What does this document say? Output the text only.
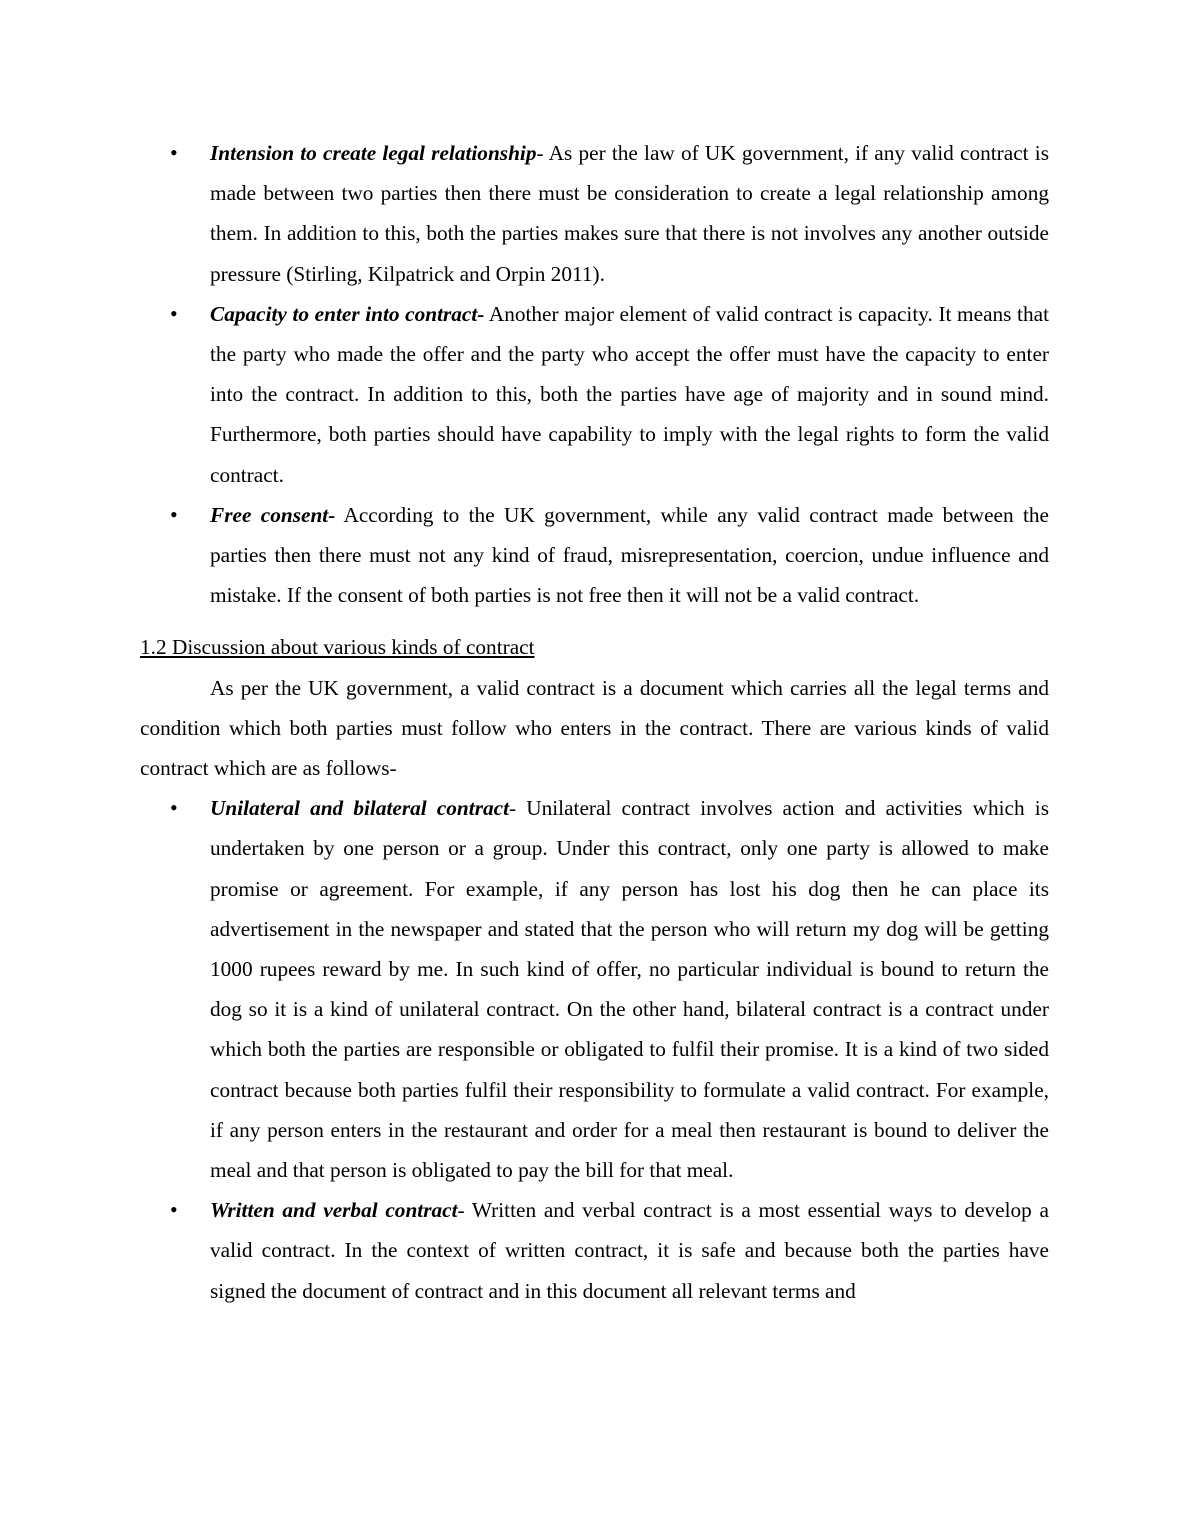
•	Intension to create legal relationship- As per the law of UK government, if any valid contract is made between two parties then there must be consideration to create a legal relationship among them. In addition to this, both the parties makes sure that there is not involves any another outside pressure (Stirling, Kilpatrick and Orpin 2011).
•	Capacity to enter into contract- Another major element of valid contract is capacity. It means that the party who made the offer and the party who accept the offer must have the capacity to enter into the contract. In addition to this, both the parties have age of majority and in sound mind. Furthermore, both parties should have capability to imply with the legal rights to form the valid contract.
•	Free consent- According to the UK government, while any valid contract made between the parties then there must not any kind of fraud, misrepresentation, coercion, undue influence and mistake. If the consent of both parties is not free then it will not be a valid contract.
1.2 Discussion about various kinds of contract

As per the UK government, a valid contract is a document which carries all the legal terms and condition which both parties must follow who enters in the contract. There are various kinds of valid contract which are as follows-

•	Unilateral and bilateral contract- Unilateral contract involves action and activities which is undertaken by one person or a group. Under this contract, only one party is allowed to make promise or agreement. For example, if any person has lost his dog then he can place its advertisement in the newspaper and stated that the person who will return my dog will be getting 1000 rupees reward by me. In such kind of offer, no particular individual is bound to return the dog so it is a kind of unilateral contract. On the other hand, bilateral contract is a contract under which both the parties are responsible or obligated to fulfil their promise. It is a kind of two sided contract because both parties fulfil their responsibility to formulate a valid contract. For example, if any person enters in the restaurant and order for a meal then restaurant is bound to deliver the meal and that person is obligated to pay the bill for that meal.
•	Written and verbal contract- Written and verbal contract is a most essential ways to develop a valid contract. In the context of written contract, it is safe and because both the parties have signed the document of contract and in this document all relevant terms and
